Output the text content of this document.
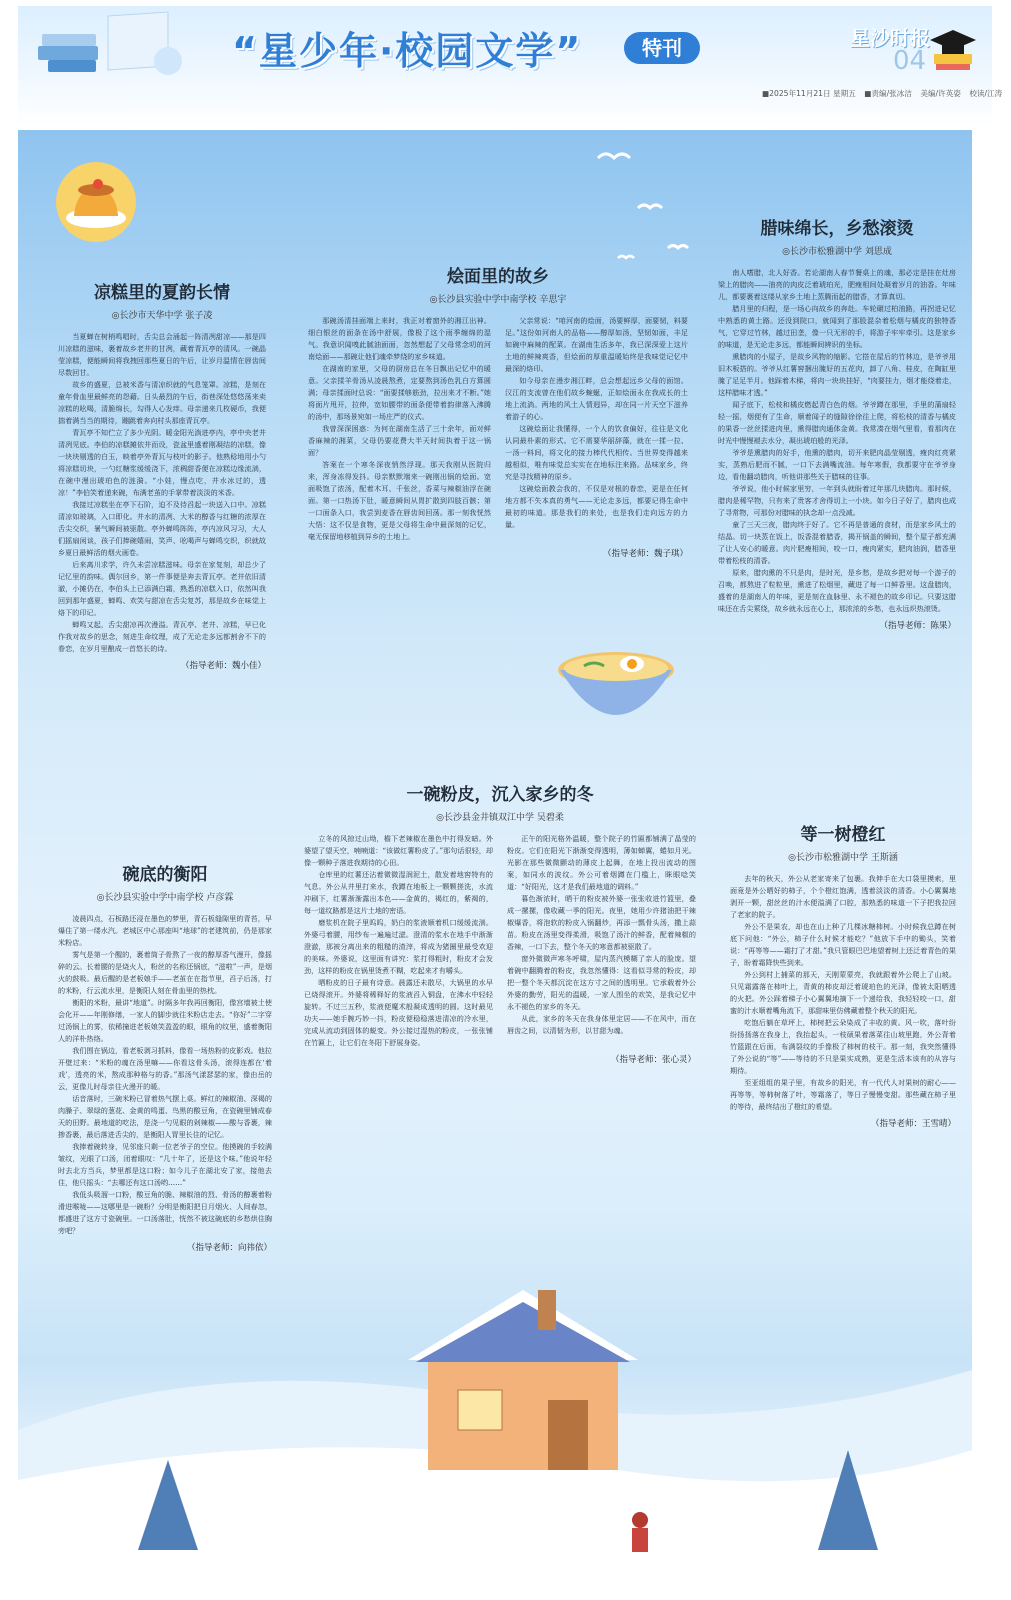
“星少年·校园文学”	特刊	星沙时报
04
■2025年11月21日 星期五 ■责编/张冰洁 美编/许英姿 校读/江涛
凉糕里的夏韵长情
◎长沙市天华中学 张子凌

当夏蝉在树梢鸣唱时，舌尖总会涌起一阵清冽甜凉——那是四川凉糕的滋味，裹着故乡老井的甘冽，藏着青瓦亭的清风。一碗晶莹凉糕，便能瞬间将我拽回那些夏日的午后，让岁月温情在唇齿间尽数回甘。

故乡的盛夏，总被米香与清凉织就的气息笼罩。凉糕，是刻在童年骨血里最鲜亮的怨藉。日头最烈的午后，街巷深处悠悠荡来卖凉糕的吆喝，清脆绵长，勾得人心发痒。母亲递来几枚硬币，我便揣着满当当的期待，蹦跳着奔向村头那座青瓦亭。

青瓦亭不知伫立了多少光阴。暖金阳光淌进亭内，亭中央老井清冽见底。李伯的凉糕摊依井而设，瓷盆里盛着刚凝结的凉糕，像一块块剔透的白玉，映着亭外青瓦与枝叶的影子。他熟稔地用小勺将凉糕切块，一勺红糖浆缓缓浇下，浓稠甜香便在凉糕边缘流淌，在碗中漫出琥珀色的涟漪。“小娃，慢点吃，井水冰过的，透凉！”李伯笑着递来碗，布满老茧的手掌带着淡淡的米香。

我接过凉糕坐在亭下石阶，迫不及待舀起一块送入口中。凉糕清凉如玻璃，入口即化。井水的清冽、大米的醇香与红糖的浓厚在舌尖交织，暑气瞬间被驱散。亭外蝉鸣阵阵，亭内凉风习习，大人们摇扇闲谈，孩子们捧碗嬉闹，笑声、吆喝声与蝉鸣交织，织就故乡夏日最鲜活的烟火画卷。

后来离川求学，许久未尝凉糕滋味。母亲在家复刻，却总少了记忆里的韵味。偶尔回乡，第一件事便是奔去青瓦亭。老井依旧清澈，小摊仍在，李伯头上已添满白霜，熟悉的凉糕入口，依然叫我回到那年盛夏，蝉鸣、欢笑与甜凉在舌尖复苏，那是故乡在味觉上烙下的印记。

蝉鸣又起，舌尖甜凉再次漫溢。青瓦亭、老井、凉糕，早已化作我对故乡的思念，刻进生命纹理，成了无论走多远都割舍不下的眷恋，在岁月里酿成一首悠长的诗。

（指导老师：魏小佳）
烩面里的故乡
◎长沙县实验中学中南学校 辛思宇

那碗汤清挂面端上来时，我正对着窗外的湘江出神。细白银丝的面条在汤中舒展，像极了这个雨季缠绵的湿气。我意识闻嗅此腻油面面，忽然想起了父母常念叨的河南烩面——那碗让他们魂牵梦绕的家乡味道。

在湖南的家里，父母的厨房总在冬日飘出记忆中的暖意。父亲揉羊骨汤从凌晨熬煮，定要熬到汤色乳白方算圆满；母亲揉面时总说：“面要揉够筋劲，拉出来才不断。”她将面片甩开，拉伸，宽如腰带的面条便带着韵律落入沸腾的汤中，那场景宛如一场庄严的仪式。

我曾深深困惑：为何在湖南生活了三十余年，面对鲜香麻辣的湘菜，父母仍要花费大半天时间执着于这一锅面？

答案在一个寒冬深夜悄然浮现。那天我刚从医院归来，浑身冻得发抖。母亲默默端来一碗刚出锅的烩面。宽面吸饱了浓汤，配着木耳、千张丝，香菜与辣椒油浮在碗面。第一口热汤下肚，暖意瞬间从胃扩散到四肢百骸；第一口面条入口，我尝到麦香在唇齿间回荡。那一刻我恍然大悟：这不仅是食物，更是父母将生命中最深刻的记忆，毫无保留地移植到异乡的土地上。

父亲常说：“咱河南的烩面，汤要鲜厚，面要韧，料要足。”这份如河南人的品格——醇厚如汤，坚韧如面，丰足如碗中麻辣的配菜。在湖南生活多年，我已深深爱上这片土地的鲜辣爽香，但烩面的厚重温暖始终是我味觉记忆中最深的烙印。

如今母亲在漫步湘江畔，总会想起远乡父母的面馆。汉江的支流曾在他们故乡蜿蜒，正如烩面永在我成长的土地上流淌。两地的风土人情迥异，却在同一片天空下滋养着游子的心。

这碗烩面让我懂得，一个人的饮食偏好，往往是文化认同最朴素的形式。它不需要华丽辞藻，就在一揉一拉、一汤一料间，将文化的接力棒代代相传。当世界变得越来越相似，唯有味觉总实实在在地标注来路。品味家乡，终究是寻找精神的原乡。

这碗烩面教会我的，不仅是对根的眷恋，更是在任何地方都不失本真的勇气——无论走多远，都要记得生命中最初的味道。那是我们的来处，也是我们走向远方的力量。

（指导老师：魏子琪）
腊味绵长，乡愁滚烫
◎长沙市松雅湖中学 刘思成

南人嗜腊，北人好香。若论湖南人春节餐桌上的魂，那必定是挂在灶房梁上的腊肉——油亮的肉皮泛着琥珀光，肥瘦相间处凝着岁月的油香。年味儿，都要裹着这缕从家乡土地上蒸腾而起的腊香，才算真切。

腊月里的归程，是一场心向故乡的奔赴。车轮碾过柏油路，再拐进记忆中熟悉的黄土路。还没到院口，就闻到了那股混杂着松烟与橘皮的独特香气，它穿过竹林，越过田垄，像一只无形的手，将游子牢牢牵引。这是家乡的味道，是无论走多远，都能瞬间辨识的坐标。

熏腊肉的小屋子，是故乡风物的缩影。它搭在屋后的竹林边，是爷爷用旧木板搭的。爷爷从红薯窖捆出腌好的五花肉，卸了八角、桂皮，在陶缸里腌了足足半月。他踩着木梯，将肉一块块挂好，“肉要挂力，烟才能绕着走，这样腊味才透。”

闻子底下，松枝和橘皮燃起青白色的烟。爷爷蹲在那里，手里的蒲扇轻轻一摇，烟便有了生命，顺着闻子的缝隙徐徐往上爬，将松枝的清香与橘皮的果香一丝丝揉进肉里，熏得腊肉通体金黄。我常凑在烟气里看，看那肉在时光中慢慢褪去水分，凝出琥珀般的光泽。

爷爷是熏腊肉的好手，他熏的腊肉，切开来肥肉晶莹剔透，瘦肉红亮紧实，蒸熟后肥而不腻，一口下去满嘴流油。每年寒假，我都要守在爷爷身边，看他翻动腊肉，听他讲那些关于腊味的往事。

爷爷说，他小时候家里穷，一年到头就盼着过年那几块腊肉。那时候，腊肉是稀罕物，只有来了贵客才舍得切上一小块。如今日子好了，腊肉也成了寻常物，可那份对腊味的执念却一点没减。

童了三天三夜，腊肉终于好了。它不再是普通的食材，而是家乡风土的结晶。切一块蒸在饭上，饭香混着腊香，揭开锅盖的瞬间，整个屋子都充满了让人安心的暖意。肉片肥瘦相间，咬一口，瘦肉紧实，肥肉油润，腊香里带着松枝的清香。

原来，腊肉熏的不只是肉，是时光，是乡愁，是故乡把对每一个游子的召唤，都熬进了粒粒里，熏进了松烟里，藏进了每一口鲜香里。这盘腊肉，盛着的是湖南人的年味，更是刻在血脉里、永不褪色的故乡印记。只要这腊味还在舌尖萦绕，故乡就永远在心上，那浓浓的乡愁，也永远炽热滚烫。

（指导老师：陈果）
碗底的衡阳
◎长沙县实验中学中南学校 卢彦霖

凌晨四点，石板路还浸在墨色的梦里，青石板缝隙里的青苔，早爆住了第一缕水汽。老城区中心那座叫“地球”的老建筑前，仍是那家米粉店。

雾气是第一个醒的，裹着筒子骨熬了一夜的醇厚香气漫开，像摇碎的云。长着腰的是烧火人，粉丝的名称还锅底，“滋啦”一声，是烟火的鼓吸。最后醒的是老板娘手——老茧在在指节里，舀子后汤，打的米粉，行云流水里，是衡阳人刻在骨血里的热枕。

衡阳的米粉，最讲“地道”。时隔多年我再回衡阳，像宫墙被土使会化开——年刚修缮，一家人的脚步就往米粉店走去。“你好”二字穿过汤锅上的雾，依稀撞进老板娘笑盈盈的眼，眼角的纹里，盛着衡阳人的洋朴热络。

我们围在锅边，看老板剥习抓料，像看一场热粉的皮影戏。他拉开壁过来：“米粉的魂在汤里嘛——你看这骨头汤，滚得连都在‘着戏’，透亮的米，熬成那种格与的香。”那汤气漾瑟瑟的家，像由岳的云，更像儿时母亲往火漫开的暖。

话音落时，三碗米粉已冒着热气摆上桌。鲜红的辣椒油、深褐的肉臊子、翠绿的葱花、金黄的鸣蛋、鸟黑的酸豆角，在瓷碗里铺成春天的田野。最地道的吃法，是浇一勺见眼的剁辣椒——酸与香裹，辣掺香裹，最后落进舌尖的，是衡阳人胃里长住的记忆。

我捧着碗转身，见邻座只剩一位老爷子的空位。他摸碗的手较满皱纹，光眼了口汤，闭着眼叹：“几十年了，还是这个味。”他说年轻时去北方当兵，梦里都是这口粉；如今儿子在湖北安了家，接他去住，他只摇头：“去哪还有这口汤哟……”

我低头吸溜一口粉，酸豆角的脆、辣椒油的烈、骨汤的醇裹着粉滑进喉咙——这哪里是一碗粉？分明是衡阳把日月烟火、人间春忽，都盛进了这方寸瓷碗里。一口汤落肚，恍然不被这碗底的乡愁烘住胸旁吧？

（指导老师：向祎依）
一碗粉皮，沉入家乡的冬
◎长沙县金井镇双江中学 吴碧柔

立冬的风掠过山坳，檐下老辣椒在墨色中打得发暗。外婆望了望天空，喃喃道：“该做红薯粉皮了。”那句话很轻，却像一颗种子落进我期待的心田。

仓库里的红薯还沾着微微湿润泥土，散发着地窖特有的气息。外公从井里打来水，我蹲在地板上一颗颗搓洗，水流冲刷下，红薯渐渐露出本色——金黄的，褐红的，紫褐的，每一道纹路都是这片土地的密语。

磨浆机在院子里呜呜，奶白的浆液顺着机口缓缓流淌。外婆弓着腰，用纱布一遍遍过滤。澄清的浆水在地手中渐渐澄澈，那被分离出来的粗糙的渣滓，将成为猪圈里最受欢迎的美味。外婆说，这里面有讲究：浆打得粗时，粉皮才会发劲，这样的粉皮在锅里烫煮不糊，吃起来才有嚼头。

晒粉皮的日子最有诗意。晨露还未散尽，大锅里的水早已烧得滚开。外婆将稀释好的浆液舀入铜盘，在沸水中轻轻旋转。不过三五秒，浆液便魔术般凝成透明的圆。这时最见功夫——她手腕巧妙一抖，粉皮便稳稳落进清凉的冷水里，完成从流动到固体的蜕变。外公接过湿热的粉皮，一张张铺在竹匾上，让它们在冬阳下舒展身姿。

正午的阳光格外温暖，整个院子的竹匾都铺满了晶莹的粉皮。它们在阳光下渐渐变得透明，薄如蝉翼，蜷如月光。光影在那些微微颤动的薄皮上起舞，在地上投出流动的图案，如同水的波纹。外公可着烟蹲在门槛上，眯眼唸笑道：“好阳光，这才是我们最地道的调料。”

暮色渐浓时，晒干的粉皮被外婆一张张收进竹篮里，叠成一摞摞，像收藏一季的阳光。夜里，她用少许猪油把干辣椒爆香，将泡软的粉皮入锅翻炒，再添一瓢骨头汤，撒上蒜苗。粉皮在汤里变得柔滑，吸饱了汤汁的鲜香，配着辣椒的香辣，一口下去，整个冬天的寒意都被驱散了。

窗外微微声寒冬呼啸，屋内蒸汽模糊了亲人的脸庞。望着碗中翻腾着的粉皮，我忽然懂得：这看似寻常的粉皮，却把一整个冬天都沉淀在这方寸之间的透明里。它承载着外公外婆的勤劳，阳光的温暖，一家人围坐的欢笑，是我记忆中永不褪色的家乡的冬天。

从此，家乡的冬天在我身体里定居——不在风中，而在唇齿之间，以清韧为形，以甘甜为魂。

（指导老师：张心灵）
等一树橙红
◎长沙市松雅湖中学 王斯涵

去年的秋天，外公从老家寄来了包裹。我伸手在大口袋里摸索，里面竟是外公晒好的柿子，个个橙红饱满，透着淡淡的清香。小心翼翼地剥开一颗，甜丝丝的汁水便溢满了口腔，那熟悉的味道一下子把我拉回了老家的院子。

外公不是果农，却也在山上种了几棵冰糖柿树。小时候我总蹲在树底下问他：“外公，柿子什么时候才能吃？”他放下手中的锄头，笑着说：“再等等——霜打了才甜。”我只管眼巴巴地望着树上还泛着青色的果子，盼着霜降快些到来。

外公到村上捕菜的那天，天刚蒙蒙亮，我就跟着外公爬上了山坡。只见霜露落在柿叶上，青黄的柿皮却泛着琥珀色的光泽，像被太阳晒透的火把。外公踩着梯子小心翼翼地摘下一个递给我，我轻轻咬一口，甜蜜的汁水顺着嘴角流下，那甜味里仿佛藏着整个秋天的阳光。

吃饱后躺在草坪上，柿树把云朵染成了丰收的黄。风一吹，落叶纷纷扬扬落在我身上，我抬起头，一枝硕果着落菜往山坡里跑，外公背着竹篮跟在后面，布满裂纹的手像极了柿树的枝干。那一刻，我突然懂得了外公说的“等”——等待的不只是果实成熟，更是生活本该有的从容与期待。

至亚组组的果子里，有故乡的阳光，有一代代人对果树的耐心——再等等，等柿树落了叶，等霜落了，等日子慢慢变甜。那些藏在柿子里的等待，最终结出了橙红的希望。

（指导老师：王雪晴）
